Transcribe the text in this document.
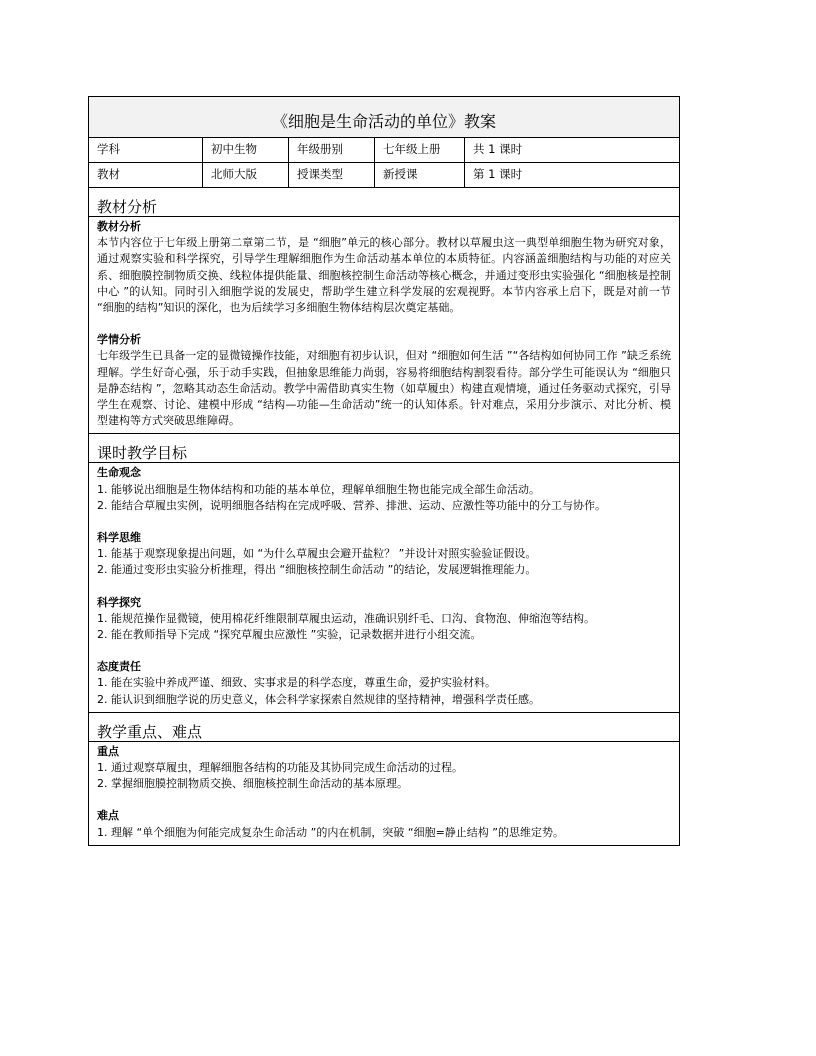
《细胞是生命活动的单位》教案
学科	初中生物	年级册别	七年级上册	共 1 课时
教材	北师大版	授课类型	新授课	第 1 课时
教材分析
教材分析
本节内容位于七年级上册第二章第二节，是 “细胞”单元的核心部分。教材以草履虫这一典型单细胞生物为研究对象，通过观察实验和科学探究，引导学生理解细胞作为生命活动基本单位的本质特征。内容涵盖细胞结构与功能的对应关系、细胞膜控制物质交换、线粒体提供能量、细胞核控制生命活动等核心概念，并通过变形虫实验强化 “细胞核是控制中心 ”的认知。同时引入细胞学说的发展史，帮助学生建立科学发展的宏观视野。本节内容承上启下，既是对前一节 “细胞的结构”知识的深化，也为后续学习多细胞生物体结构层次奠定基础。
学情分析
七年级学生已具备一定的显微镜操作技能，对细胞有初步认识，但对 “细胞如何生活 ”“各结构如何协同工作 ”缺乏系统理解。学生好奇心强，乐于动手实践，但抽象思维能力尚弱，容易将细胞结构割裂看待。部分学生可能误认为 “细胞只是静态结构 ”，忽略其动态生命活动。教学中需借助真实生物（如草履虫）构建直观情境，通过任务驱动式探究，引导学生在观察、讨论、建模中形成 “结构—功能—生命活动”统一的认知体系。针对难点，采用分步演示、对比分析、模型建构等方式突破思维障碍。
课时教学目标
生命观念
1. 能够说出细胞是生物体结构和功能的基本单位，理解单细胞生物也能完成全部生命活动。
2. 能结合草履虫实例，说明细胞各结构在完成呼吸、营养、排泄、运动、应激性等功能中的分工与协作。
科学思维
1. 能基于观察现象提出问题，如 “为什么草履虫会避开盐粒？ ”并设计对照实验验证假设。
2. 能通过变形虫实验分析推理，得出 “细胞核控制生命活动 ”的结论，发展逻辑推理能力。
科学探究
1. 能规范操作显微镜，使用棉花纤维限制草履虫运动，准确识别纤毛、口沟、食物泡、伸缩泡等结构。
2. 能在教师指导下完成 “探究草履虫应激性 ”实验，记录数据并进行小组交流。
态度责任
1. 能在实验中养成严谨、细致、实事求是的科学态度，尊重生命，爱护实验材料。
2. 能认识到细胞学说的历史意义，体会科学家探索自然规律的坚持精神，增强科学责任感。
教学重点、难点
重点
1. 通过观察草履虫，理解细胞各结构的功能及其协同完成生命活动的过程。
2. 掌握细胞膜控制物质交换、细胞核控制生命活动的基本原理。
难点
1. 理解 “单个细胞为何能完成复杂生命活动 ”的内在机制，突破 “细胞=静止结构 ”的思维定势。
